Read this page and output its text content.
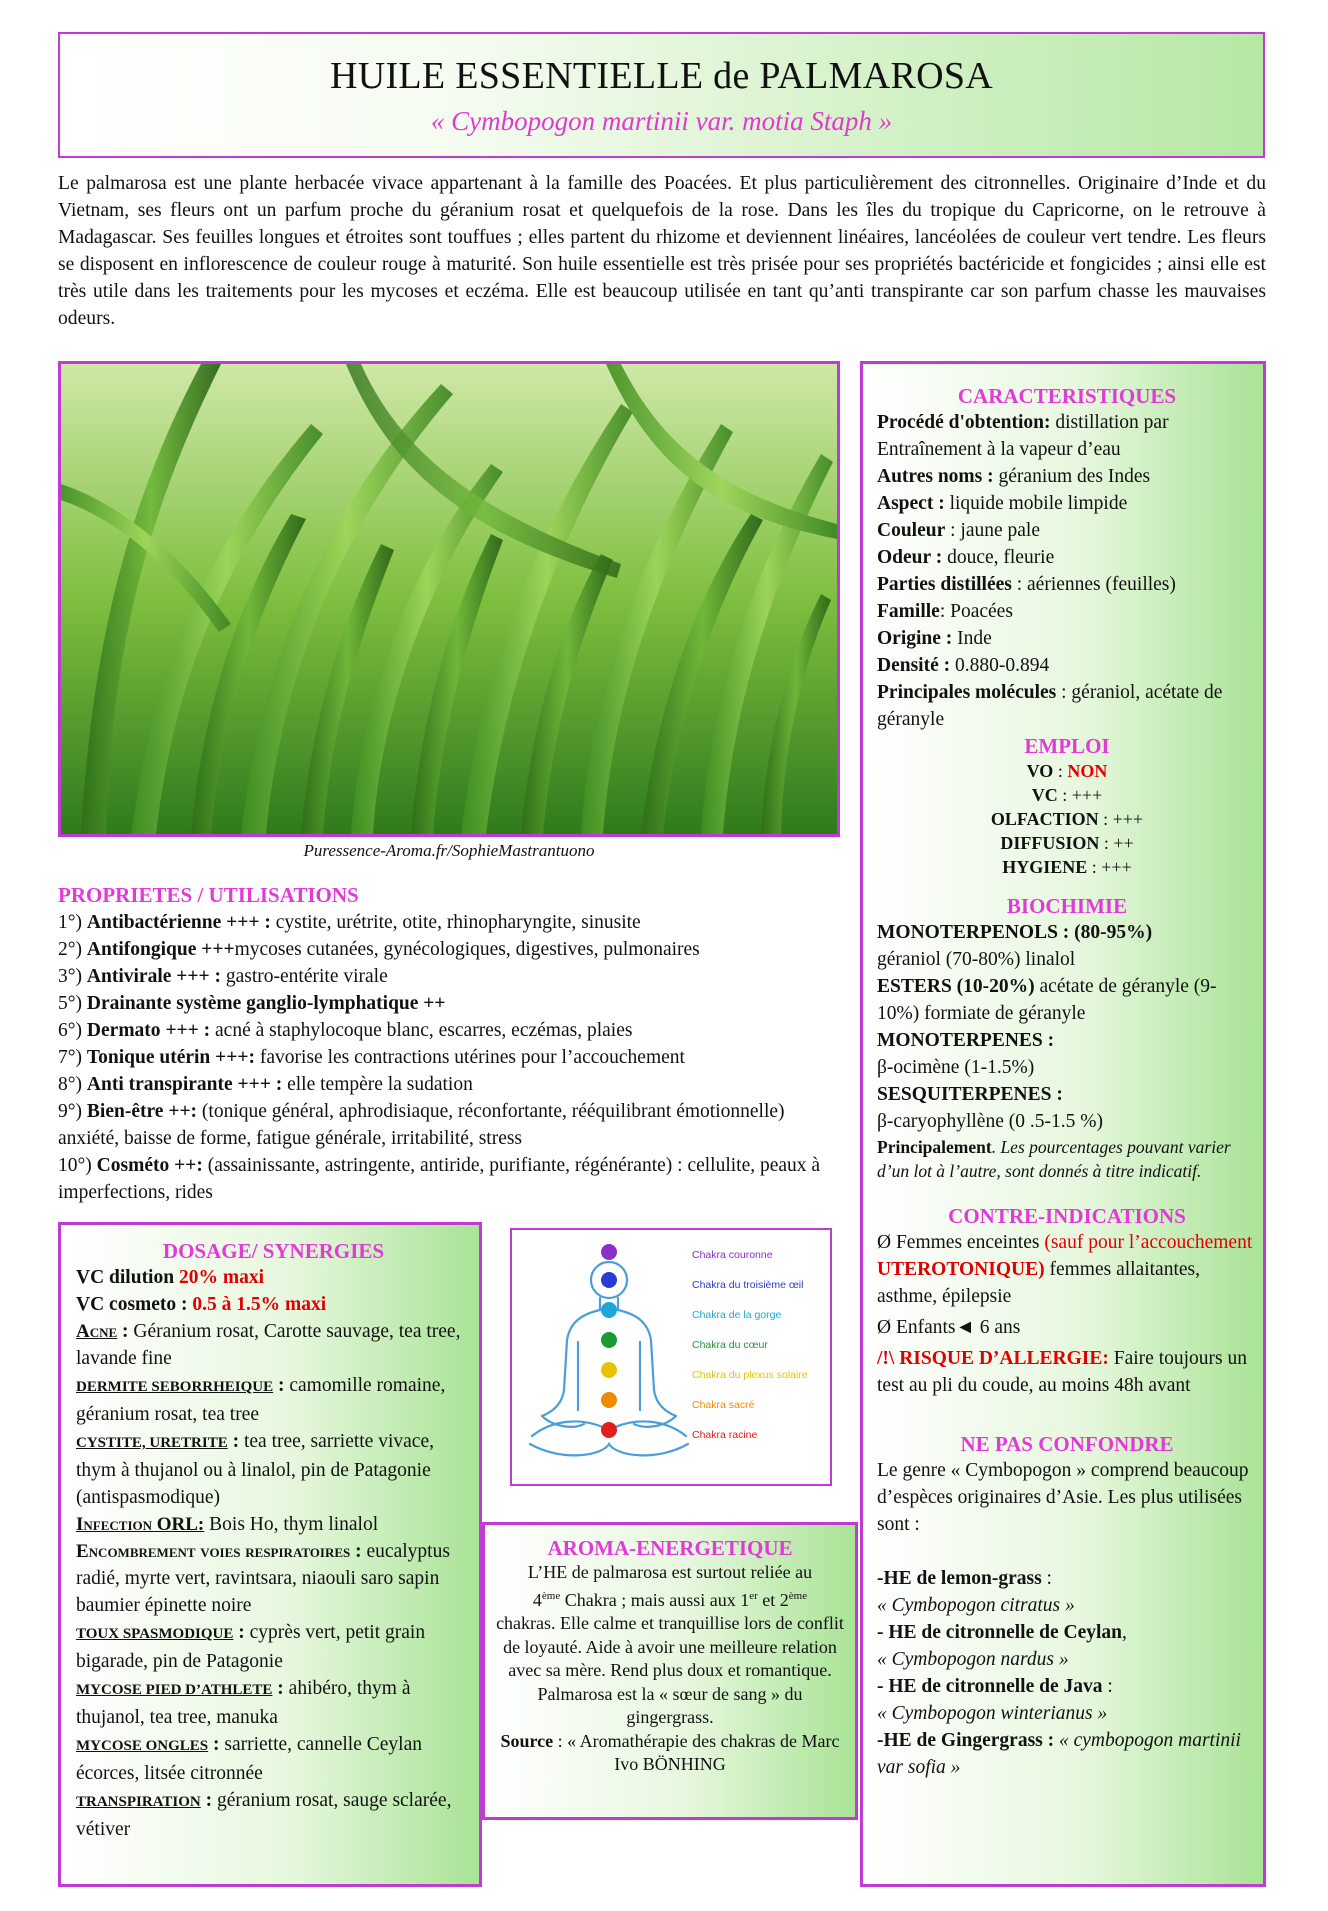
HUILE ESSENTIELLE de PALMAROSA
« Cymbopogon martinii var. motia Staph »
Le palmarosa est une plante herbacée vivace appartenant à la famille des Poacées. Et plus particulièrement des citronnelles. Originaire d’Inde et du Vietnam, ses fleurs ont un parfum proche du géranium rosat et quelquefois de la rose. Dans les îles du tropique du Capricorne, on le retrouve à Madagascar. Ses feuilles longues et étroites sont touffues ; elles partent du rhizome et deviennent linéaires, lancéolées de couleur vert tendre. Les fleurs se disposent en inflorescence de couleur rouge à maturité. Son huile essentielle est très prisée pour ses propriétés bactéricide et fongicides ; ainsi elle est très utile dans les traitements pour les mycoses et eczéma. Elle est beaucoup utilisée en tant qu’anti transpirante car son parfum chasse les mauvaises odeurs.
Puressence-Aroma.fr/SophieMastrantuono
PROPRIETES / UTILISATIONS
1°) Antibactérienne +++ : cystite, urétrite, otite, rhinopharyngite, sinusite
2°) Antifongique +++mycoses cutanées, gynécologiques, digestives, pulmonaires
3°) Antivirale +++ : gastro-entérite virale
5°) Drainante système ganglio-lymphatique ++
6°) Dermato +++ : acné à staphylocoque blanc, escarres, eczémas, plaies
7°) Tonique utérin +++: favorise les contractions utérines pour l’accouchement
8°) Anti transpirante +++ : elle tempère la sudation
9°) Bien-être ++: (tonique général, aphrodisiaque, réconfortante, rééquilibrant émotionnelle) anxiété, baisse de forme, fatigue générale, irritabilité, stress
10°) Cosméto ++: (assainissante, astringente, antiride, purifiante, régénérante) : cellulite, peaux à imperfections, rides
CARACTERISTIQUES
Procédé d'obtention: distillation par Entraînement à la vapeur d’eau
Autres noms : géranium des Indes
Aspect : liquide mobile limpide
Couleur : jaune pale
Odeur : douce, fleurie
Parties distillées : aériennes (feuilles)
Famille: Poacées
Origine : Inde
Densité : 0.880-0.894
Principales molécules : géraniol, acétate de géranyle
EMPLOI
VO : NON
VC : +++
OLFACTION : +++
DIFFUSION : ++
HYGIENE : +++
BIOCHIMIE
MONOTERPENOLS : (80-95%)
géraniol (70-80%) linalol
ESTERS (10-20%) acétate de géranyle (9-10%) formiate de géranyle
MONOTERPENES :
β-ocimène (1-1.5%)
SESQUITERPENES :
β-caryophyllène (0 .5-1.5 %)
Principalement. Les pourcentages pouvant varier d’un lot à l’autre, sont donnés à titre indicatif.
CONTRE-INDICATIONS
Ø Femmes enceintes (sauf pour l’accouchement UTEROTONIQUE) femmes allaitantes, asthme, épilepsie
Ø Enfants◄ 6 ans
/!\ RISQUE D’ALLERGIE: Faire toujours un test au pli du coude, au moins 48h avant
NE PAS CONFONDRE
Le genre « Cymbopogon » comprend beaucoup d’espèces originaires d’Asie. Les plus utilisées sont :
-HE de lemon-grass :
« Cymbopogon citratus »
- HE de citronnelle de Ceylan,
« Cymbopogon nardus »
- HE de citronnelle de Java :
« Cymbopogon winterianus »
-HE de Gingergrass : « cymbopogon martinii var sofia »
DOSAGE/ SYNERGIES
VC dilution 20% maxi
VC cosmeto : 0.5 à 1.5% maxi
Acne : Géranium rosat, Carotte sauvage, tea tree, lavande fine
DERMITE SEBORRHEIQUE : camomille romaine, géranium rosat, tea tree
CYSTITE, URETRITE : tea tree, sarriette vivace, thym à thujanol ou à linalol, pin de Patagonie (antispasmodique)
Infection ORL: Bois Ho, thym linalol
Encombrement voies respiratoires : eucalyptus radié, myrte vert, ravintsara, niaouli saro sapin baumier épinette noire
TOUX SPASMODIQUE : cyprès vert, petit grain bigarade, pin de Patagonie
MYCOSE PIED D’ATHLETE : ahibéro, thym à thujanol, tea tree, manuka
MYCOSE ONGLES : sarriette, cannelle Ceylan écorces, litsée citronnée
TRANSPIRATION : géranium rosat, sauge sclarée, vétiver
Chakra couronne
Chakra du troisième œil
Chakra de la gorge
Chakra du cœur
Chakra du plexus solaire
Chakra sacré
Chakra racine
AROMA-ENERGETIQUE
L’HE de palmarosa est surtout reliée au
4ème Chakra ; mais aussi aux 1er et 2ème
chakras. Elle calme et tranquillise lors de conflit de loyauté. Aide à avoir une meilleure relation avec sa mère. Rend plus doux et romantique. Palmarosa est la « sœur de sang » du gingergrass.
Source : « Aromathérapie des chakras de Marc Ivo BÖNHING
